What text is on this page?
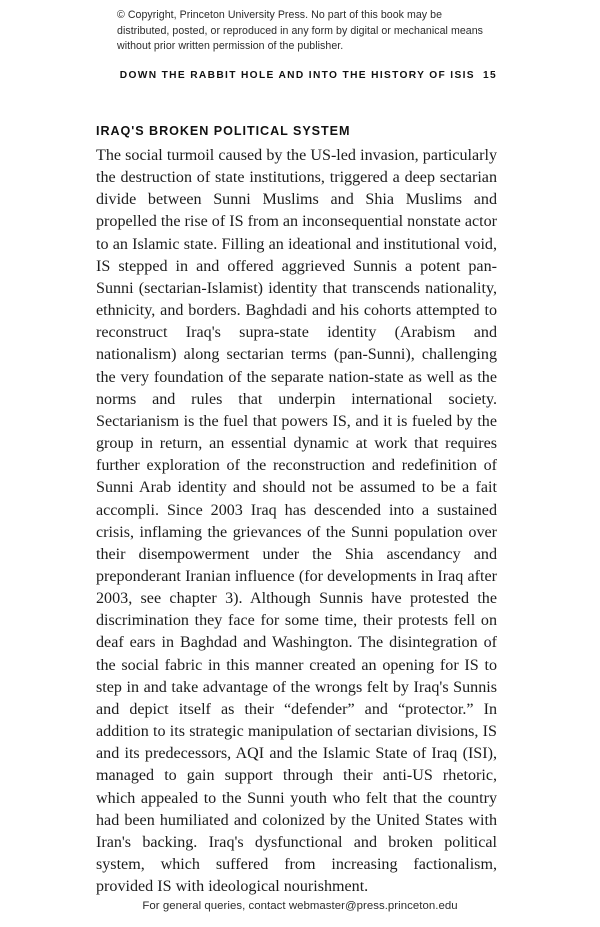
© Copyright, Princeton University Press. No part of this book may be distributed, posted, or reproduced in any form by digital or mechanical means without prior written permission of the publisher.
DOWN THE RABBIT HOLE AND INTO THE HISTORY OF ISIS 15
IRAQ'S BROKEN POLITICAL SYSTEM

The social turmoil caused by the US-led invasion, particularly the destruction of state institutions, triggered a deep sectarian divide between Sunni Muslims and Shia Muslims and propelled the rise of IS from an inconsequential nonstate actor to an Islamic state. Filling an ideational and institutional void, IS stepped in and offered aggrieved Sunnis a potent pan-Sunni (sectarian-Islamist) identity that transcends nationality, ethnicity, and borders. Baghdadi and his cohorts attempted to reconstruct Iraq's supra-state identity (Arabism and nationalism) along sectarian terms (pan-Sunni), challenging the very foundation of the separate nation-state as well as the norms and rules that underpin international society. Sectarianism is the fuel that powers IS, and it is fueled by the group in return, an essential dynamic at work that requires further exploration of the reconstruction and redefinition of Sunni Arab identity and should not be assumed to be a fait accompli. Since 2003 Iraq has descended into a sustained crisis, inflaming the grievances of the Sunni population over their disempowerment under the Shia ascendancy and preponderant Iranian influence (for developments in Iraq after 2003, see chapter 3). Although Sunnis have protested the discrimination they face for some time, their protests fell on deaf ears in Baghdad and Washington. The disintegration of the social fabric in this manner created an opening for IS to step in and take advantage of the wrongs felt by Iraq's Sunnis and depict itself as their “defender” and “protector.” In addition to its strategic manipulation of sectarian divisions, IS and its predecessors, AQI and the Islamic State of Iraq (ISI), managed to gain support through their anti-US rhetoric, which appealed to the Sunni youth who felt that the country had been humiliated and colonized by the United States with Iran's backing. Iraq's dysfunctional and broken political system, which suffered from increasing factionalism, provided IS with ideological nourishment.

For general queries, contact webmaster@press.princeton.edu
